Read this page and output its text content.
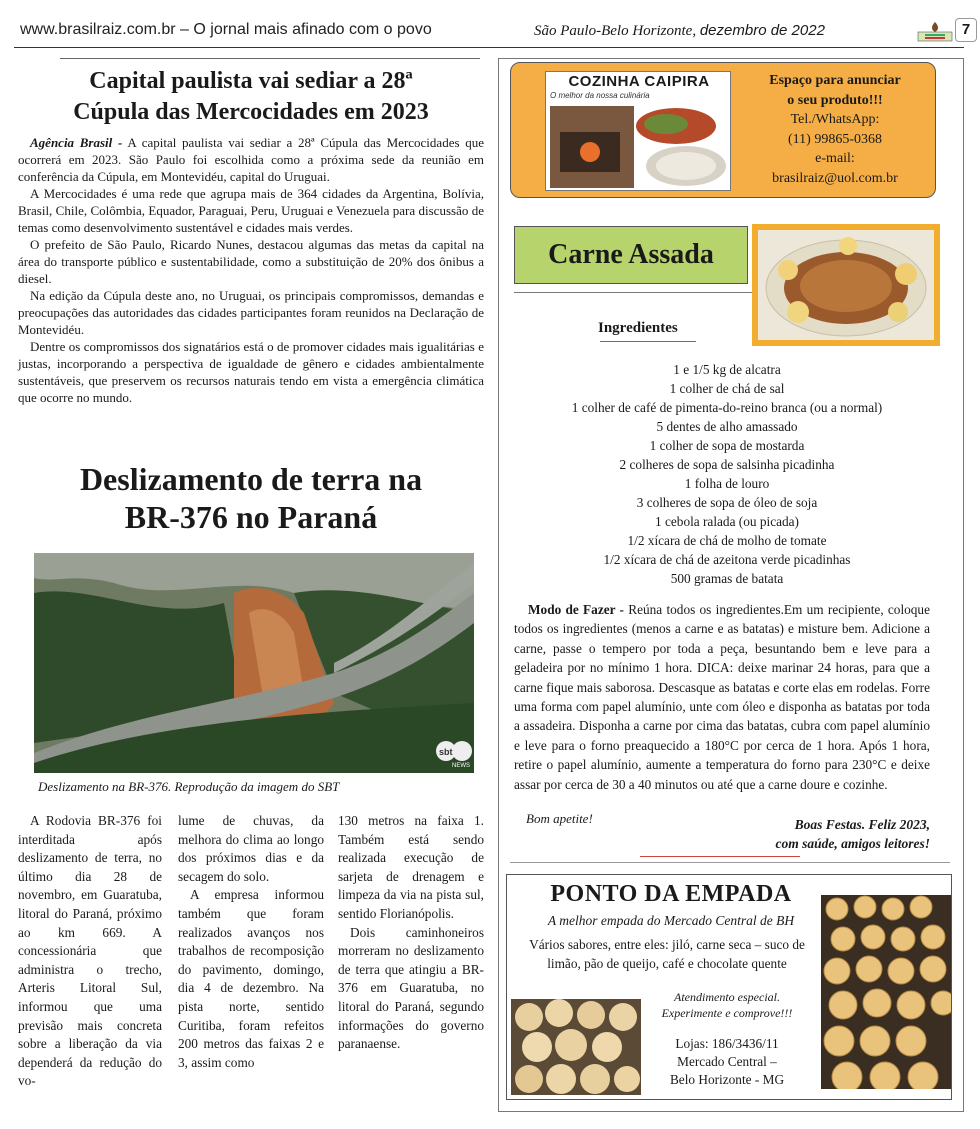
www.brasilraiz.com.br – O jornal mais afinado com o povo	São Paulo-Belo Horizonte, dezembro de 2022	7
Capital paulista vai sediar a 28ª
Cúpula das Mercocidades em 2023

Agência Brasil - A capital paulista vai sediar a 28ª Cúpula das Mercocidades que ocorrerá em 2023. São Paulo foi escolhida como a próxima sede da reunião em conferência da Cúpula, em Montevidéu, capital do Uruguai.

A Mercocidades é uma rede que agrupa mais de 364 cidades da Argentina, Bolívia, Brasil, Chile, Colômbia, Equador, Paraguai, Peru, Uruguai e Venezuela para discussão de temas como desenvolvimento sustentável e cidades mais verdes.

O prefeito de São Paulo, Ricardo Nunes, destacou algumas das metas da capital na área do transporte público e sustentabilidade, como a substituição de 20% dos ônibus a diesel.

Na edição da Cúpula deste ano, no Uruguai, os principais compromissos, demandas e preocupações das autoridades das cidades participantes foram reunidos na Declaração de Montevidéu.

Dentre os compromissos dos signatários está o de promover cidades mais igualitárias e justas, incorporando a perspectiva de igualdade de gênero e cidades ambientalmente sustentáveis, que preservem os recursos naturais tendo em vista a emergência climática que ocorre no mundo.

Deslizamento de terra na
BR-376 no Paraná
sbt
NEWS
Deslizamento na BR-376. Reprodução da imagem do SBT

A Rodovia BR-376 foi interditada após deslizamento de terra, no último dia 28 de novembro, em Guaratuba, litoral do Paraná, próximo ao km 669. A concessionária que administra o trecho, Arteris Litoral Sul, informou que uma previsão mais concreta sobre a liberação da via dependerá da redução do vo-

lume de chuvas, da melhora do clima ao longo dos próximos dias e da secagem do solo.

A empresa informou também que foram realizados avanços nos trabalhos de recomposição do pavimento, domingo, dia 4 de dezembro. Na pista norte, sentido Curitiba, foram refeitos 200 metros das faixas 2 e 3, assim como

130 metros na faixa 1. Também está sendo realizada execução de sarjeta de drenagem e limpeza da via na pista sul, sentido Florianópolis.

Dois caminhoneiros morreram no deslizamento de terra que atingiu a BR-376 em Guaratuba, no litoral do Paraná, segundo informações do governo paranaense.

COZINHA CAIPIRA
O melhor da nossa culinária
Espaço para anunciar
o seu produto!!!
Tel./WhatsApp:
(11) 99865-0368
e-mail:
brasilraiz@uol.com.br
Carne Assada
Ingredientes
1 e 1/5 kg de alcatra
1 colher de chá de sal
1 colher de café de pimenta-do-reino branca (ou a normal)
5 dentes de alho amassado
1 colher de sopa de mostarda
2 colheres de sopa de salsinha picadinha
1 folha de louro
3 colheres de sopa de óleo de soja
1 cebola ralada (ou picada)
1/2 xícara de chá de molho de tomate
1/2 xícara de chá de azeitona verde picadinhas
500 gramas de batata
Modo de Fazer - Reúna todos os ingredientes.Em um recipiente, coloque todos os ingredientes (menos a carne e as batatas) e misture bem. Adicione a carne, passe o tempero por toda a peça, besuntando bem e leve para a geladeira por no mínimo 1 hora. DICA: deixe marinar 24 horas, para que a carne fique mais saborosa. Descasque as batatas e corte elas em rodelas. Forre uma forma com papel alumínio, unte com óleo e disponha as batatas por toda a assadeira. Disponha a carne por cima das batatas, cubra com papel alumínio e leve para o forno preaquecido a 180°C por cerca de 1 hora. Após 1 hora, retire o papel alumínio, aumente a temperatura do forno para 230°C e deixe assar por cerca de 30 a 40 minutos ou até que a carne doure e cozinhe.
Bom apetite!	Boas Festas. Feliz 2023,
com saúde, amigos leitores!
PONTO DA EMPADA
A melhor empada do Mercado Central de BH
Vários sabores, entre eles: jiló, carne seca – suco de limão, pão de queijo, café e chocolate quente
Atendimento especial.
Experimente e comprove!!!
Lojas: 186/3436/11
Mercado Central –
Belo Horizonte - MG
